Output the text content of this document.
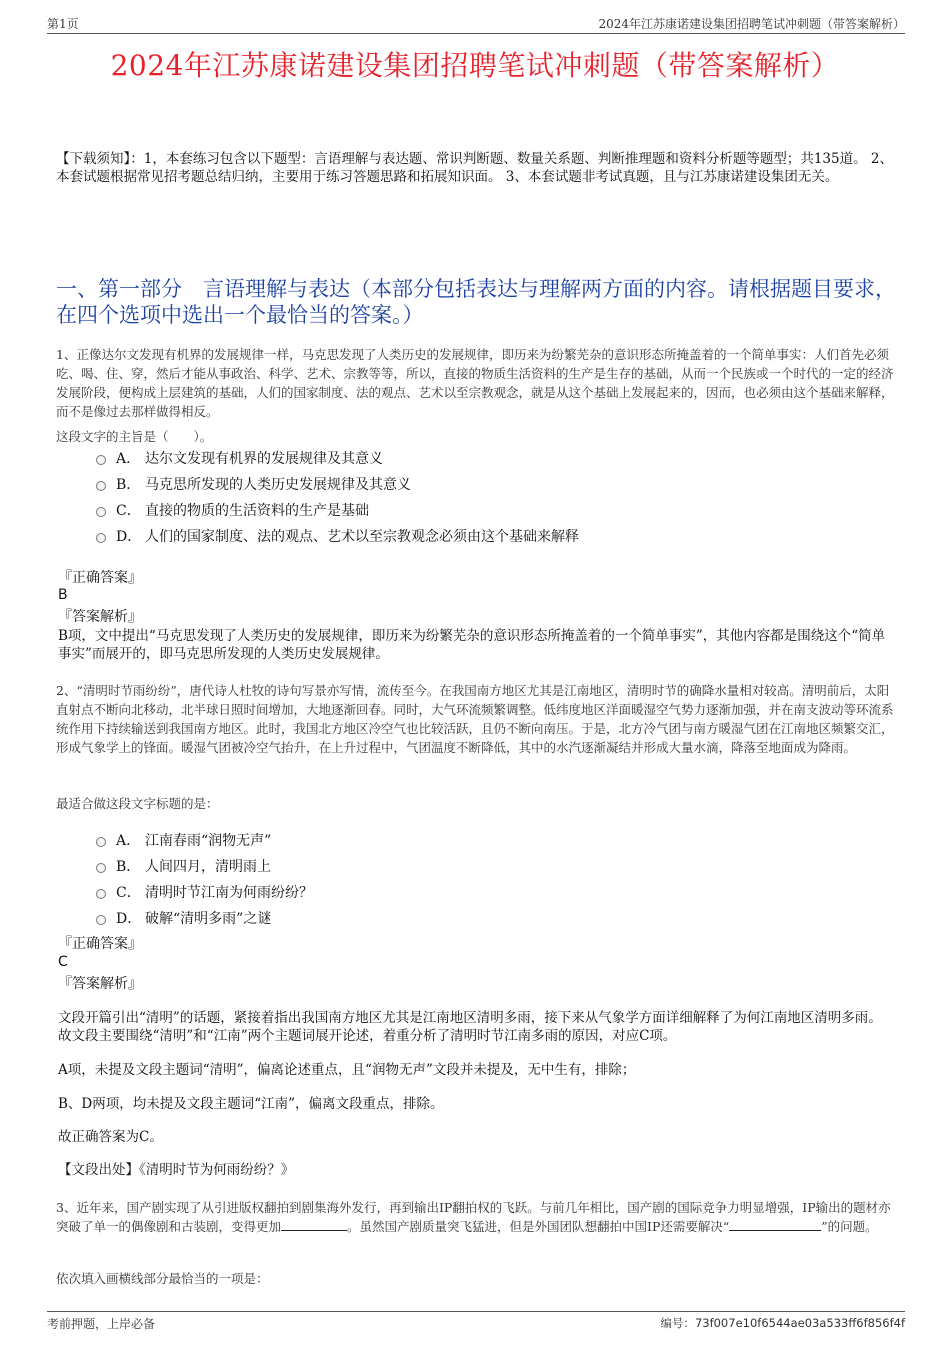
第1页	2024年江苏康诺建设集团招聘笔试冲刺题（带答案解析）
2024年江苏康诺建设集团招聘笔试冲刺题（带答案解析）
【下载须知】：1，本套练习包含以下题型：言语理解与表达题、常识判断题、数量关系题、判断推理题和资料分析题等题型；共135道。 2、本套试题根据常见招考题总结归纳，主要用于练习答题思路和拓展知识面。 3、本套试题非考试真题，且与江苏康诺建设集团无关。
一、第一部分　言语理解与表达（本部分包括表达与理解两方面的内容。请根据题目要求，在四个选项中选出一个最恰当的答案。）
1、正像达尔文发现有机界的发展规律一样，马克思发现了人类历史的发展规律，即历来为纷繁芜杂的意识形态所掩盖着的一个简单事实：人们首先必须吃、喝、住、穿，然后才能从事政治、科学、艺术、宗教等等，所以，直接的物质生活资料的生产是生存的基础，从而一个民族或一个时代的一定的经济发展阶段，便构成上层建筑的基础，人们的国家制度、法的观点、艺术以至宗教观念，就是从这个基础上发展起来的，因而，也必须由这个基础来解释，而不是像过去那样做得相反。
这段文字的主旨是（　　）。
A． 达尔文发现有机界的发展规律及其意义
B． 马克思所发现的人类历史发展规律及其意义
C． 直接的物质的生活资料的生产是基础
D． 人们的国家制度、法的观点、艺术以至宗教观念必须由这个基础来解释
『正确答案』
B
『答案解析』
B项，文中提出“马克思发现了人类历史的发展规律，即历来为纷繁芜杂的意识形态所掩盖着的一个简单事实”，其他内容都是围绕这个“简单事实”而展开的，即马克思所发现的人类历史发展规律。
2、“清明时节雨纷纷”，唐代诗人杜牧的诗句写景亦写情，流传至今。在我国南方地区尤其是江南地区，清明时节的确降水量相对较高。清明前后，太阳直射点不断向北移动，北半球日照时间增加，大地逐渐回春。同时，大气环流频繁调整。低纬度地区洋面暖湿空气势力逐渐加强，并在南支波动等环流系统作用下持续输送到我国南方地区。此时，我国北方地区冷空气也比较活跃，且仍不断向南压。于是，北方冷气团与南方暖湿气团在江南地区频繁交汇，形成气象学上的锋面。暖湿气团被冷空气抬升，在上升过程中，气团温度不断降低，其中的水汽逐渐凝结并形成大量水滴，降落至地面成为降雨。
最适合做这段文字标题的是：
A． 江南春雨“润物无声”
B． 人间四月，清明雨上
C． 清明时节江南为何雨纷纷？
D． 破解“清明多雨”之谜
『正确答案』
C
『答案解析』
文段开篇引出“清明”的话题，紧接着指出我国南方地区尤其是江南地区清明多雨，接下来从气象学方面详细解释了为何江南地区清明多雨。故文段主要围绕“清明”和“江南”两个主题词展开论述，着重分析了清明时节江南多雨的原因，对应C项。
A项，未提及文段主题词“清明”，偏离论述重点，且“润物无声”文段并未提及，无中生有，排除；
B、D两项，均未提及文段主题词“江南”，偏离文段重点，排除。
故正确答案为C。
【文段出处】《清明时节为何雨纷纷？》
3、近年来，国产剧实现了从引进版权翻拍到剧集海外发行，再到输出IP翻拍权的飞跃。与前几年相比，国产剧的国际竞争力明显增强，IP输出的题材亦突破了单一的偶像剧和古装剧，变得更加	。虽然国产剧质量突飞猛进，但是外国团队想翻拍中国IP还需要解决“	”的问题。
依次填入画横线部分最恰当的一项是：
考前押题，上岸必备	编号：73f007e10f6544ae03a533ff6f856f4f
